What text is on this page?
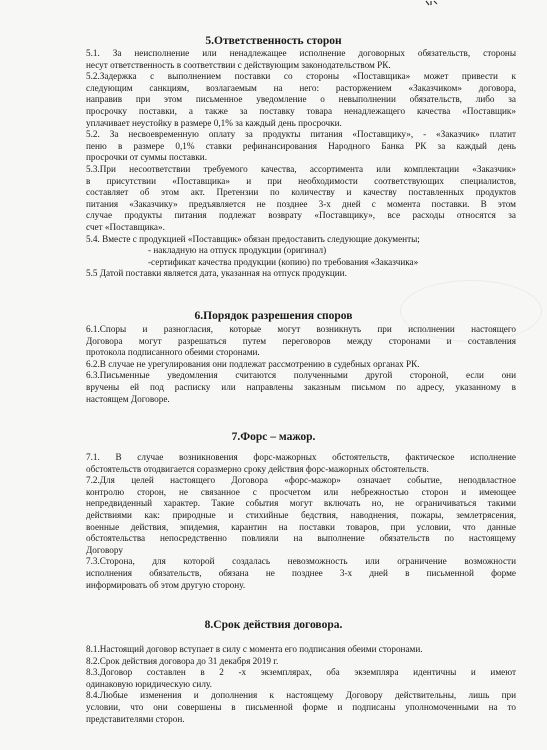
5.Ответственность сторон

5.1. За неисполнение или ненадлежащее исполнение договорных обязательств, стороны
несут ответственность в соответствии с действующим законодательством РК.
5.2.Задержка с выполнением поставки со стороны «Поставщика» может привести к
следующим санкциям, возлагаемым на него: расторжением «Заказчиком» договора,
направив при этом письменное уведомление о невыполнении обязательств, либо за
просрочку поставки, а также за поставку товара ненадлежащего качества «Поставщик»
уплачивает неустойку в размере 0,1% за каждый день просрочки.
5.2. За несвоевременную оплату за продукты питания «Поставщику», - «Заказчик» платит
пеню в размере 0,1% ставки рефинансирования Народного Банка РК за каждый день
просрочки от суммы поставки.
5.3.При несоответствии требуемого качества, ассортимента или комплектации «Заказчик»
в присутствии «Поставщика» и при необходимости соответствующих специалистов,
составляет об этом акт. Претензии по количеству и качеству поставленных продуктов
питания «Заказчику» предъявляется не позднее 3-х дней с момента поставки. В этом
случае продукты питания подлежат возврату «Поставщику», все расходы относятся за
счет «Поставщика».
5.4. Вместе с продукцией «Поставщик» обязан предоставить следующие документы;
- накладную на отпуск продукции (оригинал)
-сертификат качества продукции (копию) по требования «Заказчика»
5.5 Датой поставки является дата, указанная на отпуск продукции.

6.Порядок разрешения споров

6.1.Споры и разногласия, которые могут возникнуть при исполнении настоящего
Договора могут разрешаться путем переговоров между сторонами и составления
протокола подписанного обеими сторонами.
6.2.В случае не урегулирования они подлежат рассмотрению в судебных органах РК.
6.3.Письменные уведомления считаются полученными другой стороной, если они
вручены ей под расписку или направлены заказным письмом по адресу, указанному в
настоящем Договоре.

7.Форс – мажор.

7.1. В случае возникновения форс-мажорных обстоятельств, фактическое исполнение
обстоятельств отодвигается соразмерно сроку действия форс-мажорных обстоятельств.
7.2.Для целей настоящего Договора «форс-мажор» означает событие, неподвластное
контролю сторон, не связанное с просчетом или небрежностью сторон и имеющее
непредвиденный характер. Такие события могут включать но, не ограничиваться такими
действиями как: природные и стихийные бедствия, наводнения, пожары, землетрясения,
военные действия, эпидемия, карантин на поставки товаров, при условии, что данные
обстоятельства непосредственно повлияли на выполнение обязательств по настоящему
Договору
7.3.Сторона, для которой создалась невозможность или ограничение возможности
исполнения обязательств, обязана не позднее 3-х дней в письменной форме
информировать об этом другую сторону.

8.Срок действия договора.

8.1.Настоящий договор вступает в силу с момента его подписания обеими сторонами.
8.2.Срок действия договора до 31 декабря 2019 г.
8.3.Договор составлен в 2 -х экземплярах, оба экземпляра идентичны и имеют
одинаковую юридическую силу.
8.4.Любые изменения и дополнения к настоящему Договору действительны, лишь при
условии, что они совершены в письменной форме и подписаны уполномоченными на то
представителями сторон.
